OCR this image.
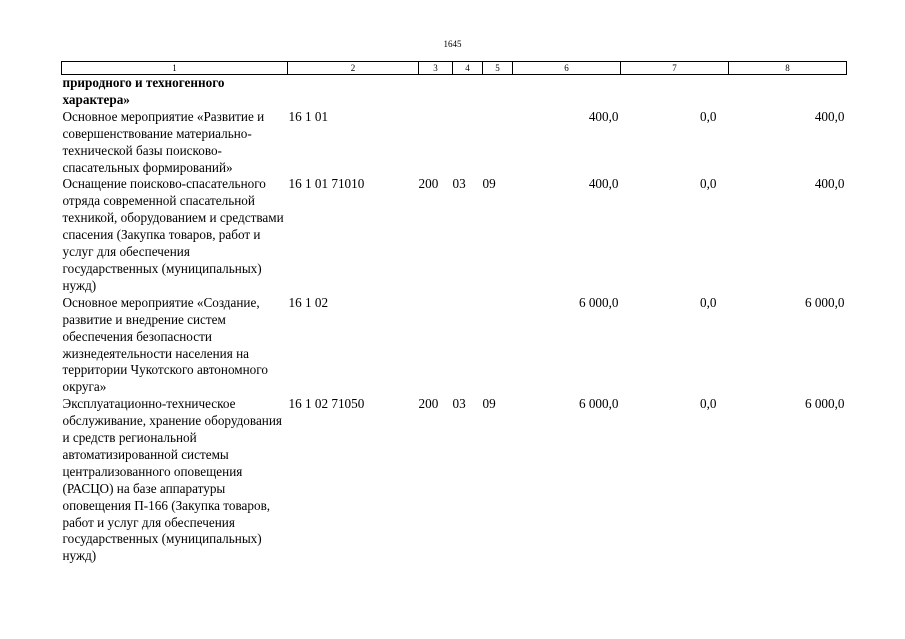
1645
1	2	3	4	5	6	7	8
природного и техногенного характера»							
Основное мероприятие «Развитие и совершенствование материально-технической базы поисково-спасательных формирований»	16 1 01				400,0	0,0	400,0
Оснащение поисково-спасательного отряда современной спасательной техникой, оборудованием и средствами спасения (Закупка товаров, работ и услуг для обеспечения государственных (муниципальных) нужд)	16 1 01 71010	200	03	09	400,0	0,0	400,0
Основное мероприятие «Создание, развитие и внедрение систем обеспечения безопасности жизнедеятельности населения на территории Чукотского автономного округа»	16 1 02				6 000,0	0,0	6 000,0
Эксплуатационно-техническое обслуживание, хранение оборудования и средств региональной автоматизированной системы централизованного оповещения (РАСЦО) на базе аппаратуры оповещения П-166 (Закупка товаров, работ и услуг для обеспечения государственных (муниципальных) нужд)	16 1 02 71050	200	03	09	6 000,0	0,0	6 000,0
